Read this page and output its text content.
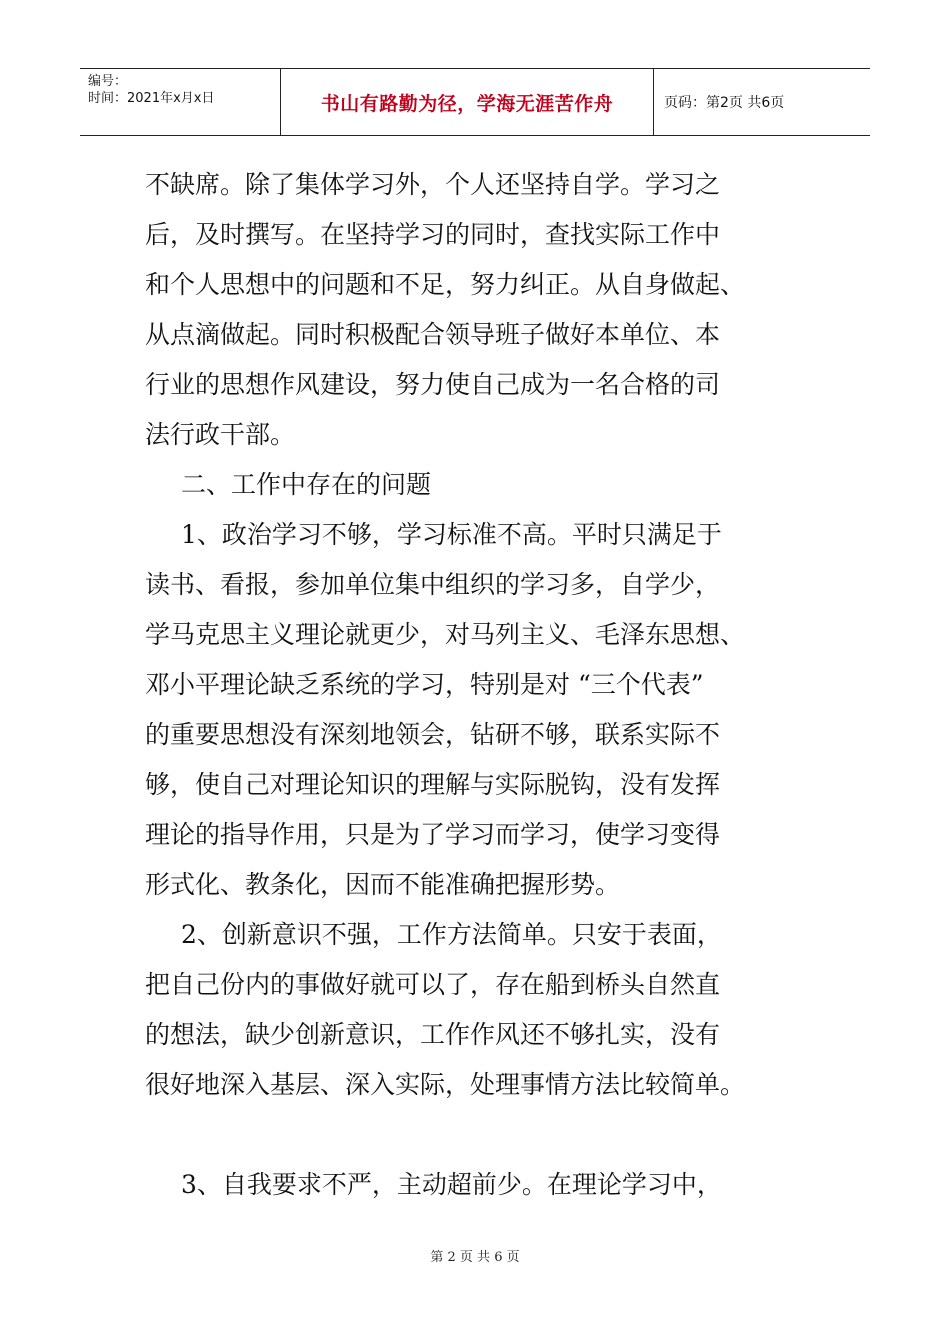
编号：
时间：2021年x月x日	书山有路勤为径，学海无涯苦作舟	页码：第2页 共6页

不缺席。除了集体学习外，个人还坚持自学。学习之

后，及时撰写。在坚持学习的同时，查找实际工作中

和个人思想中的问题和不足，努力纠正。从自身做起、

从点滴做起。同时积极配合领导班子做好本单位、本

行业的思想作风建设，努力使自己成为一名合格的司

法行政干部。

二、工作中存在的问题

1、政治学习不够，学习标准不高。平时只满足于

读书、看报，参加单位集中组织的学习多，自学少，

学马克思主义理论就更少，对马列主义、毛泽东思想、

邓小平理论缺乏系统的学习，特别是对 “三个代表”

的重要思想没有深刻地领会，钻研不够，联系实际不

够，使自己对理论知识的理解与实际脱钩，没有发挥

理论的指导作用，只是为了学习而学习，使学习变得

形式化、教条化，因而不能准确把握形势。

2、创新意识不强，工作方法简单。只安于表面，

把自己份内的事做好就可以了，存在船到桥头自然直

的想法，缺少创新意识，工作作风还不够扎实，没有

很好地深入基层、深入实际，处理事情方法比较简单。

3、自我要求不严，主动超前少。在理论学习中，

第 2 页 共 6 页
